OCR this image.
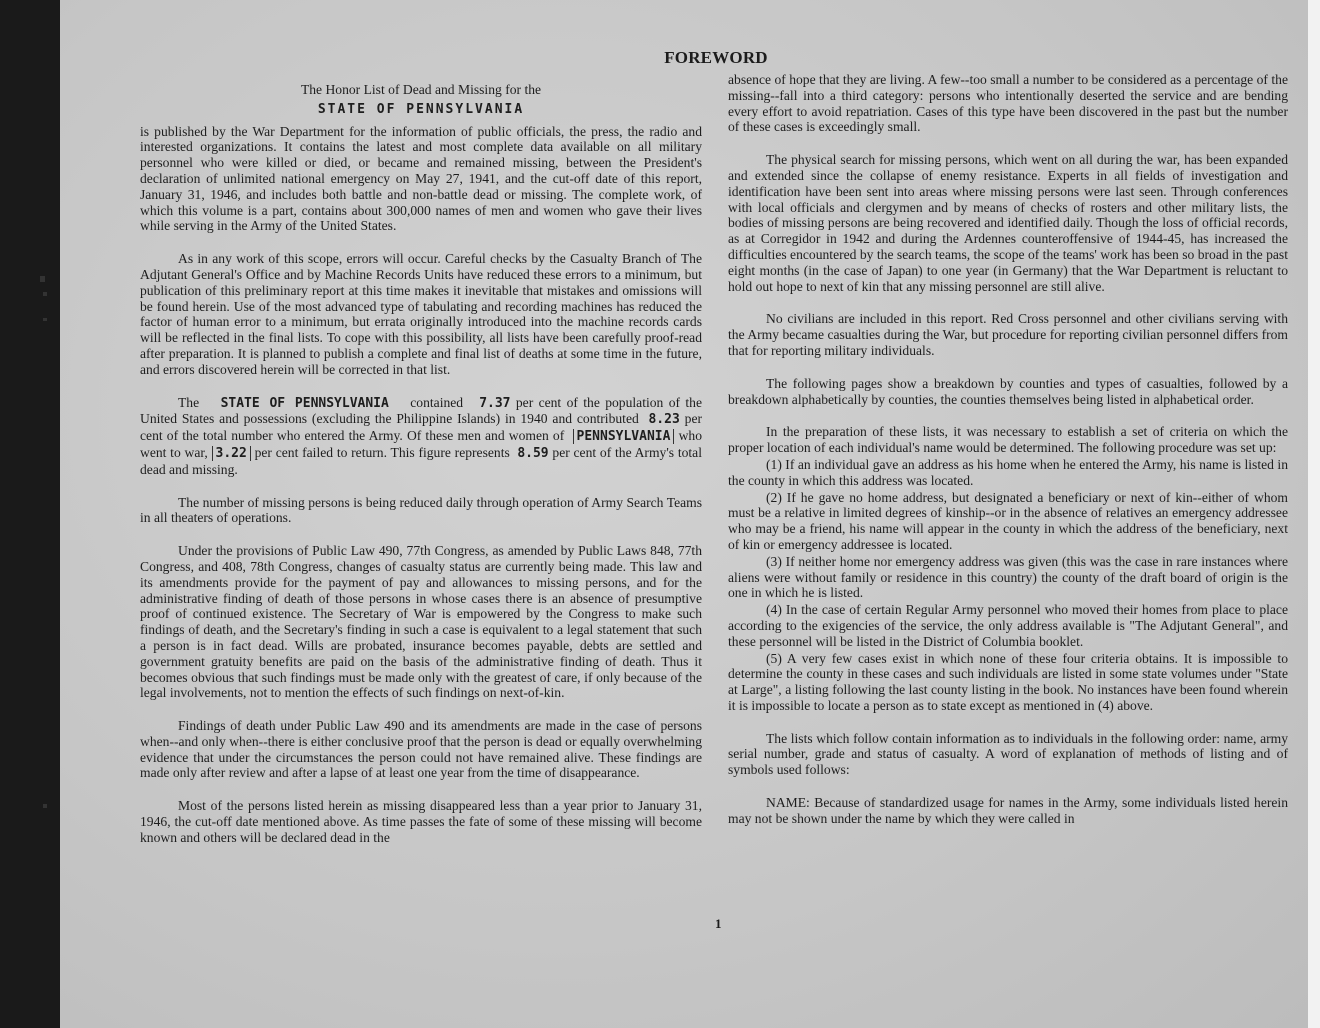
FOREWORD
The Honor List of Dead and Missing for the
STATE OF PENNSYLVANIA

is published by the War Department for the information of public officials, the press, the radio and interested organizations. It contains the latest and most complete data available on all military personnel who were killed or died, or became and remained missing, between the President's declaration of unlimited national emergency on May 27, 1941, and the cut-off date of this report, January 31, 1946, and includes both battle and non-battle dead or missing. The complete work, of which this volume is a part, contains about 300,000 names of men and women who gave their lives while serving in the Army of the United States.

As in any work of this scope, errors will occur. Careful checks by the Casualty Branch of The Adjutant General's Office and by Machine Records Units have reduced these errors to a minimum, but publication of this preliminary report at this time makes it inevitable that mistakes and omissions will be found herein. Use of the most advanced type of tabulating and recording machines has reduced the factor of human error to a minimum, but errata originally introduced into the machine records cards will be reflected in the final lists. To cope with this possibility, all lists have been carefully proof-read after preparation. It is planned to publish a complete and final list of deaths at some time in the future, and errors discovered herein will be corrected in that list.

The STATE OF PENNSYLVANIA contained 7.37 per cent of the population of the United States and possessions (excluding the Philippine Islands) in 1940 and contributed 8.23 per cent of the total number who entered the Army. Of these men and women of PENNSYLVANIA who went to war, 3.22 per cent failed to return. This figure represents 8.59 per cent of the Army's total dead and missing.

The number of missing persons is being reduced daily through operation of Army Search Teams in all theaters of operations.

Under the provisions of Public Law 490, 77th Congress, as amended by Public Laws 848, 77th Congress, and 408, 78th Congress, changes of casualty status are currently being made. This law and its amendments provide for the payment of pay and allowances to missing persons, and for the administrative finding of death of those persons in whose cases there is an absence of presumptive proof of continued existence. The Secretary of War is empowered by the Congress to make such findings of death, and the Secretary's finding in such a case is equivalent to a legal statement that such a person is in fact dead. Wills are probated, insurance becomes payable, debts are settled and government gratuity benefits are paid on the basis of the administrative finding of death. Thus it becomes obvious that such findings must be made only with the greatest of care, if only because of the legal involvements, not to mention the effects of such findings on next-of-kin.

Findings of death under Public Law 490 and its amendments are made in the case of persons when--and only when--there is either conclusive proof that the person is dead or equally overwhelming evidence that under the circumstances the person could not have remained alive. These findings are made only after review and after a lapse of at least one year from the time of disappearance.

Most of the persons listed herein as missing disappeared less than a year prior to January 31, 1946, the cut-off date mentioned above. As time passes the fate of some of these missing will become known and others will be declared dead in the

absence of hope that they are living. A few--too small a number to be considered as a percentage of the missing--fall into a third category: persons who intentionally deserted the service and are bending every effort to avoid repatriation. Cases of this type have been discovered in the past but the number of these cases is exceedingly small.

The physical search for missing persons, which went on all during the war, has been expanded and extended since the collapse of enemy resistance. Experts in all fields of investigation and identification have been sent into areas where missing persons were last seen. Through conferences with local officials and clergymen and by means of checks of rosters and other military lists, the bodies of missing persons are being recovered and identified daily. Though the loss of official records, as at Corregidor in 1942 and during the Ardennes counteroffensive of 1944-45, has increased the difficulties encountered by the search teams, the scope of the teams' work has been so broad in the past eight months (in the case of Japan) to one year (in Germany) that the War Department is reluctant to hold out hope to next of kin that any missing personnel are still alive.

No civilians are included in this report. Red Cross personnel and other civilians serving with the Army became casualties during the War, but procedure for reporting civilian personnel differs from that for reporting military individuals.

The following pages show a breakdown by counties and types of casualties, followed by a breakdown alphabetically by counties, the counties themselves being listed in alphabetical order.

In the preparation of these lists, it was necessary to establish a set of criteria on which the proper location of each individual's name would be determined. The following procedure was set up:

(1) If an individual gave an address as his home when he entered the Army, his name is listed in the county in which this address was located.

(2) If he gave no home address, but designated a beneficiary or next of kin--either of whom must be a relative in limited degrees of kinship--or in the absence of relatives an emergency addressee who may be a friend, his name will appear in the county in which the address of the beneficiary, next of kin or emergency addressee is located.

(3) If neither home nor emergency address was given (this was the case in rare instances where aliens were without family or residence in this country) the county of the draft board of origin is the one in which he is listed.

(4) In the case of certain Regular Army personnel who moved their homes from place to place according to the exigencies of the service, the only address available is "The Adjutant General", and these personnel will be listed in the District of Columbia booklet.

(5) A very few cases exist in which none of these four criteria obtains. It is impossible to determine the county in these cases and such individuals are listed in some state volumes under "State at Large", a listing following the last county listing in the book. No instances have been found wherein it is impossible to locate a person as to state except as mentioned in (4) above.

The lists which follow contain information as to individuals in the following order: name, army serial number, grade and status of casualty. A word of explanation of methods of listing and of symbols used follows:

NAME: Because of standardized usage for names in the Army, some individuals listed herein may not be shown under the name by which they were called in

1
